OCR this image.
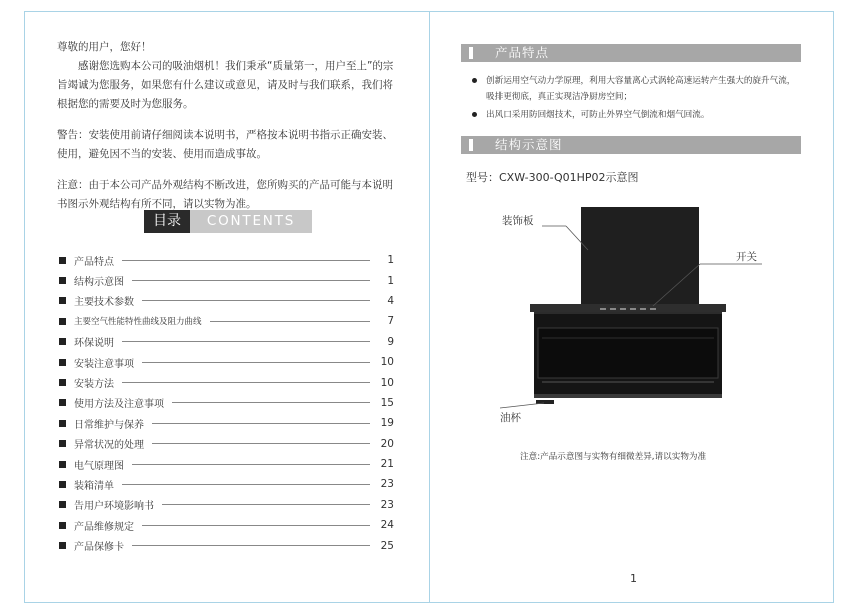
尊敬的用户，您好！

感谢您选购本公司的吸油烟机！我们秉承“质量第一，用户至上”的宗旨竭诚为您服务，如果您有什么建议或意见，请及时与我们联系，我们将根据您的需要及时为您服务。

警告：安装使用前请仔细阅读本说明书，严格按本说明书指示正确安装、使用，避免因不当的安装、使用而造成事故。

注意：由于本公司产品外观结构不断改进，您所购买的产品可能与本说明书图示外观结构有所不同，请以实物为准。

目录	CONTENTS
产品特点	1
结构示意图	1
主要技术参数	4
主要空气性能特性曲线及阻力曲线	7
环保说明	9
安装注意事项	10
安装方法	10
使用方法及注意事项	15
日常维护与保养	19
异常状况的处理	20
电气原理图	21
装箱清单	23
告用户环境影响书	23
产品维修规定	24
产品保修卡	25
产品特点
创新运用空气动力学原理，利用大容量离心式涡轮高速运转产生强大的旋升气流，吸排更彻底，真正实现洁净厨房空间；
出风口采用防回烟技术，可防止外界空气倒流和烟气回流。
结构示意图
型号：CXW-300-Q01HP02示意图
装饰板
开关
油杯
注意:产品示意图与实物有细微差异,请以实物为准
1
